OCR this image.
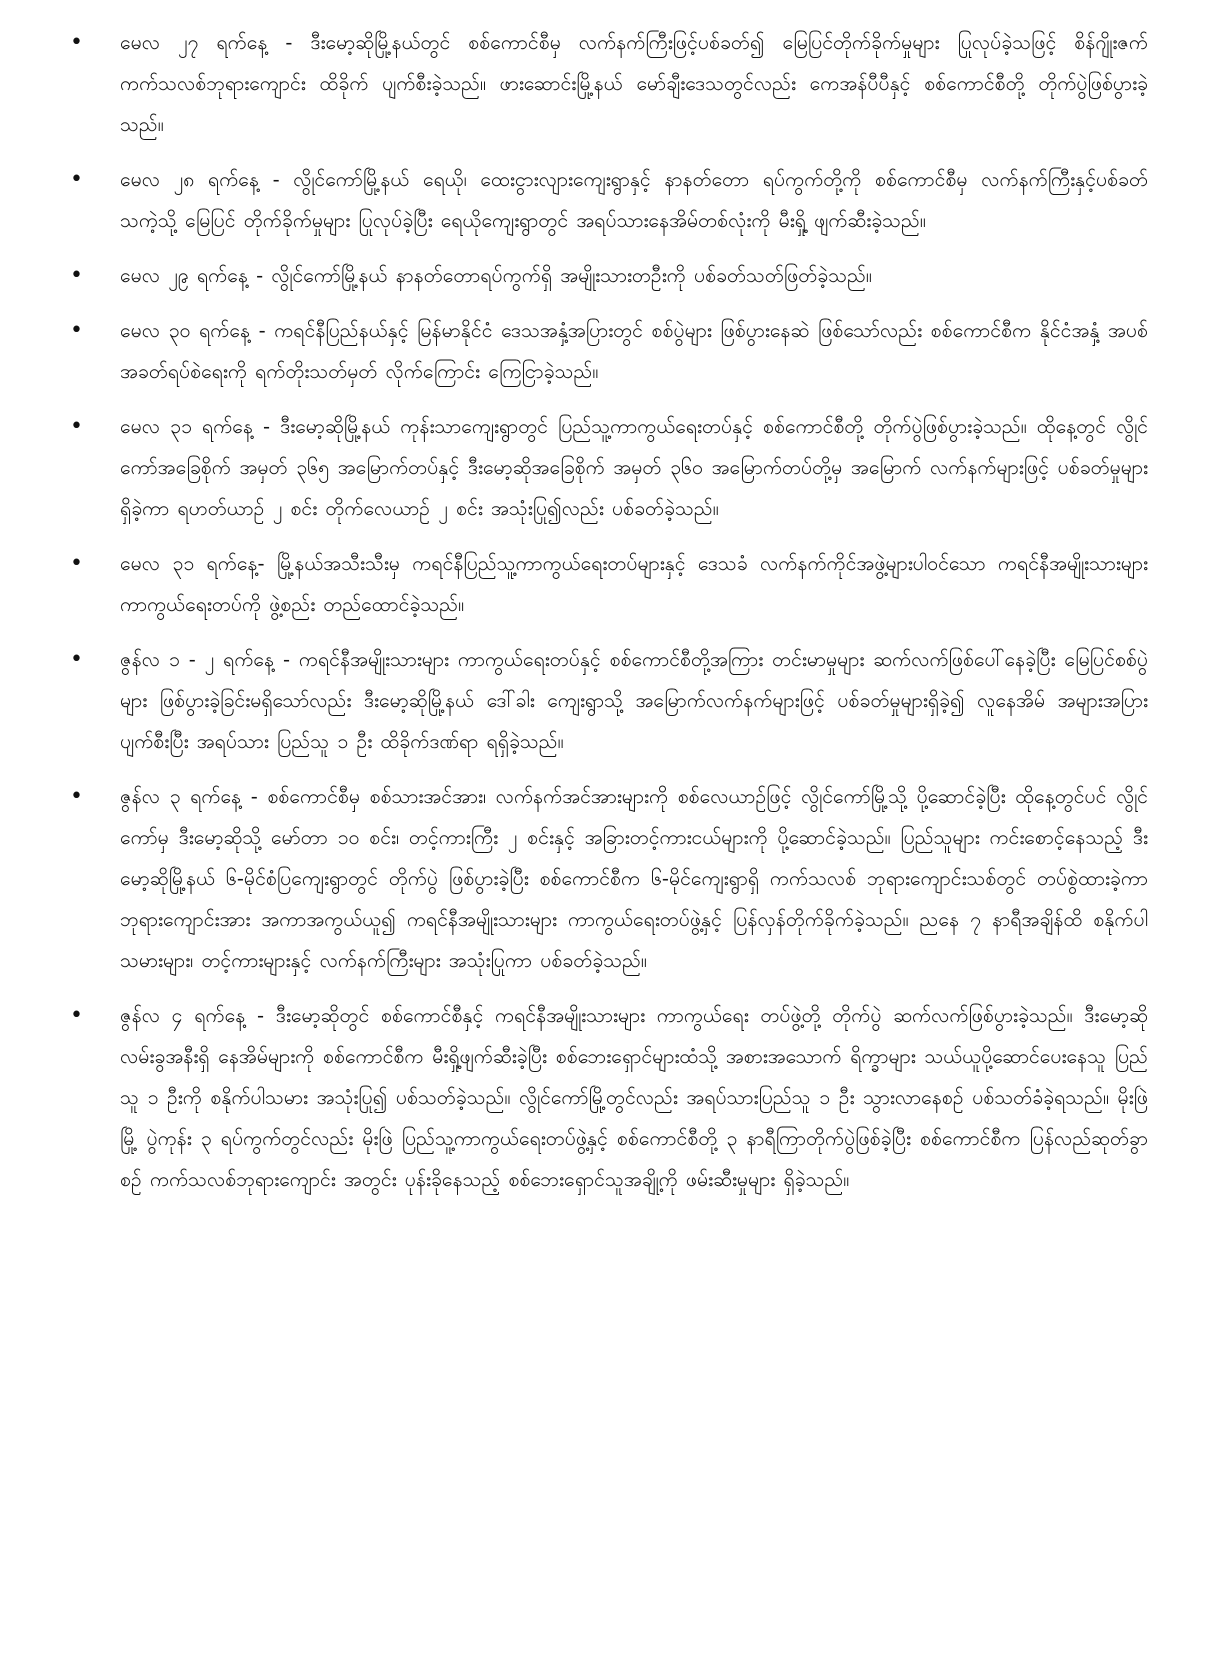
• မေလ ၂၇ ရက်နေ့ - ဒီးမော့ဆိုမြို့နယ်တွင် စစ်ကောင်စီမှ လက်နက်ကြီးဖြင့်ပစ်ခတ်၍ မြေပြင်တိုက်ခိုက်မှုများ ပြုလုပ်ခဲ့သဖြင့် စိန်ဂျိုးဇက် ကက်သလစ်ဘုရားကျောင်း ထိခိုက် ပျက်စီးခဲ့သည်။ ဖားဆောင်းမြို့နယ် မော်ချီးဒေသတွင်လည်း ကေအန်ပီပီနှင့် စစ်ကောင်စီတို့ တိုက်ပွဲဖြစ်ပွားခဲ့သည်။

• မေလ ၂၈ ရက်နေ့ - လွိုင်ကော်မြို့နယ် ရေယို၊ ထေးငွားလျားကျေးရွာနှင့် နာနတ်တော ရပ်ကွက်တို့ကို စစ်ကောင်စီမှ လက်နက်ကြီးနှင့်ပစ်ခတ်သကဲ့သို့ မြေပြင် တိုက်ခိုက်မှုများ ပြုလုပ်ခဲ့ပြီး ရေယိုကျေးရွာတွင် အရပ်သားနေအိမ်တစ်လုံးကို မီးရှို့ ဖျက်ဆီးခဲ့သည်။

• မေလ ၂၉ ရက်နေ့ - လွိုင်ကော်မြို့နယ် နာနတ်တောရပ်ကွက်ရှိ အမျိုးသားတဦးကို ပစ်ခတ်သတ်ဖြတ်ခဲ့သည်။

• မေလ ၃၀ ရက်နေ့ - ကရင်နီပြည်နယ်နှင့် မြန်မာနိုင်ငံ ဒေသအနှံ့အပြားတွင် စစ်ပွဲများ ဖြစ်ပွားနေဆဲ ဖြစ်သော်လည်း စစ်ကောင်စီက နိုင်ငံအနှံ့ အပစ်အခတ်ရပ်စဲရေးကို ရက်တိုးသတ်မှတ် လိုက်ကြောင်း ကြေငြာခဲ့သည်။

• မေလ ၃၁ ရက်နေ့ - ဒီးမော့ဆိုမြို့နယ် ကုန်းသာကျေးရွာတွင် ပြည်သူ့ကာကွယ်ရေးတပ်နှင့် စစ်ကောင်စီတို့ တိုက်ပွဲဖြစ်ပွားခဲ့သည်။ ထိုနေ့တွင် လွိုင်ကော်အခြေစိုက် အမှတ် ၃၆၅ အမြောက်တပ်နှင့် ဒီးမော့ဆိုအခြေစိုက် အမှတ် ၃၆၀ အမြောက်တပ်တို့မှ အမြောက် လက်နက်များဖြင့် ပစ်ခတ်မှုများရှိခဲ့ကာ ရဟတ်ယာဉ် ၂ စင်း တိုက်လေယာဉ် ၂ စင်း အသုံးပြု၍လည်း ပစ်ခတ်ခဲ့သည်။

• မေလ ၃၁ ရက်နေ့- မြို့နယ်အသီးသီးမှ ကရင်နီပြည်သူ့ကာကွယ်ရေးတပ်များနှင့် ဒေသခံ လက်နက်ကိုင်အဖွဲ့များပါဝင်သော ကရင်နီအမျိုးသားများ ကာကွယ်ရေးတပ်ကို ဖွဲ့စည်း တည်ထောင်ခဲ့သည်။

• ဇွန်လ ၁ - ၂ ရက်နေ့ - ကရင်နီအမျိုးသားများ ကာကွယ်ရေးတပ်နှင့် စစ်ကောင်စီတို့အကြား တင်းမာမှုများ ဆက်လက်ဖြစ်ပေါ်နေခဲ့ပြီး မြေပြင်စစ်ပွဲများ ဖြစ်ပွားခဲ့ခြင်းမရှိသော်လည်း ဒီးမော့ဆိုမြို့နယ် ဒေါ်ခါး ကျေးရွာသို့ အမြောက်လက်နက်များဖြင့် ပစ်ခတ်မှုများရှိခဲ့၍ လူနေအိမ် အများအပြားပျက်စီးပြီး အရပ်သား ပြည်သူ ၁ ဦး ထိခိုက်ဒဏ်ရာ ရရှိခဲ့သည်။

• ဇွန်လ ၃ ရက်နေ့ - စစ်ကောင်စီမှ စစ်သားအင်အား၊ လက်နက်အင်အားများကို စစ်လေယာဉ်ဖြင့် လွိုင်ကော်မြို့သို့ ပို့ဆောင်ခဲ့ပြီး ထိုနေ့တွင်ပင် လွိုင်ကော်မှ ဒီးမော့ဆိုသို့ မော်တာ ၁၀ စင်း၊ တင့်ကားကြီး ၂ စင်းနှင့် အခြားတင့်ကားငယ်များကို ပို့ဆောင်ခဲ့သည်။ ပြည်သူများ ကင်းစောင့်နေသည့် ဒီးမော့ဆိုမြို့နယ် ၆-မိုင်စံပြကျေးရွာတွင် တိုက်ပွဲ ဖြစ်ပွားခဲ့ပြီး စစ်ကောင်စီက ၆-မိုင်ကျေးရွာရှိ ကက်သလစ် ဘုရားကျောင်းသစ်တွင် တပ်စွဲထားခဲ့ကာ ဘုရားကျောင်းအား အကာအကွယ်ယူ၍ ကရင်နီအမျိုးသားများ ကာကွယ်ရေးတပ်ဖွဲ့နှင့် ပြန်လှန်တိုက်ခိုက်ခဲ့သည်။ ညနေ ၇ နာရီအချိန်ထိ စနိုက်ပါ သမားများ၊ တင့်ကားများနှင့် လက်နက်ကြီးများ အသုံးပြုကာ ပစ်ခတ်ခဲ့သည်။

• ဇွန်လ ၄ ရက်နေ့ - ဒီးမော့ဆိုတွင် စစ်ကောင်စီနှင့် ကရင်နီအမျိုးသားများ ကာကွယ်ရေး တပ်ဖွဲ့တို့ တိုက်ပွဲ ဆက်လက်ဖြစ်ပွားခဲ့သည်။ ဒီးမော့ဆိုလမ်းခွအနီးရှိ နေအိမ်များကို စစ်ကောင်စီက မီးရှို့ဖျက်ဆီးခဲ့ပြီး စစ်ဘေးရှောင်များထံသို့ အစားအသောက် ရိက္ခာများ သယ်ယူပို့ဆောင်ပေးနေသူ ပြည်သူ ၁ ဦးကို စနိုက်ပါသမား အသုံးပြု၍ ပစ်သတ်ခဲ့သည်။ လွိုင်ကော်မြို့တွင်လည်း အရပ်သားပြည်သူ ၁ ဦး သွားလာနေစဉ် ပစ်သတ်ခံခဲ့ရသည်။ မိုးဖြဲမြို့ ပွဲကုန်း ၃ ရပ်ကွက်တွင်လည်း မိုးဖြဲ ပြည်သူ့ကာကွယ်ရေးတပ်ဖွဲ့နှင့် စစ်ကောင်စီတို့ ၃ နာရီကြာတိုက်ပွဲဖြစ်ခဲ့ပြီး စစ်ကောင်စီက ပြန်လည်ဆုတ်ခွာစဉ် ကက်သလစ်ဘုရားကျောင်း အတွင်း ပုန်းခိုနေသည့် စစ်ဘေးရှောင်သူအချို့ကို ဖမ်းဆီးမှုများ ရှိခဲ့သည်။
